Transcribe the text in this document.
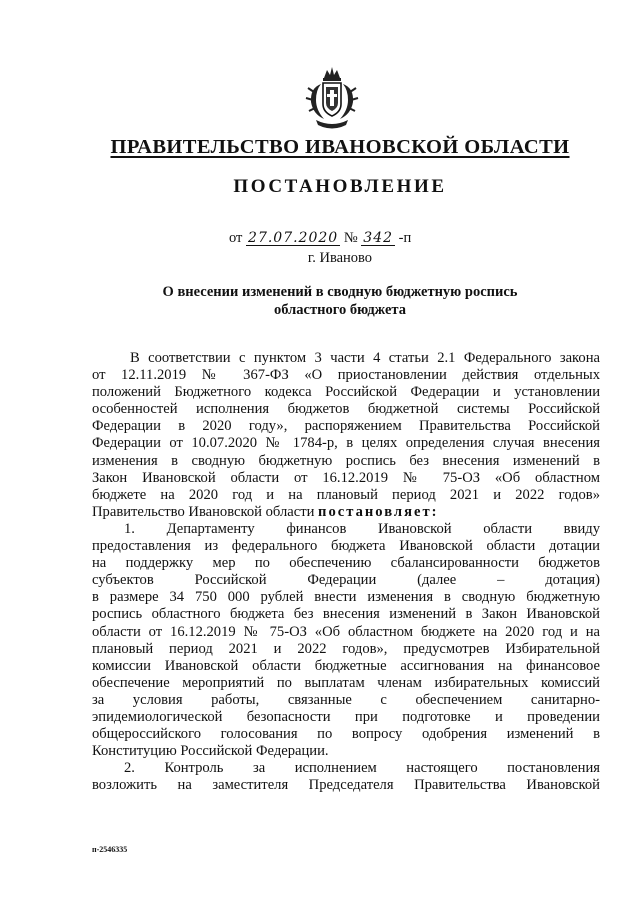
ПРАВИТЕЛЬСТВО ИВАНОВСКОЙ ОБЛАСТИ
ПОСТАНОВЛЕНИЕ
от 27.07.2020 № 342 -п
г. Иваново
О внесении изменений в сводную бюджетную роспись
областного бюджета
В соответствии с пунктом 3 части 4 статьи 2.1 Федерального закона
от 12.11.2019 № 367-ФЗ «О приостановлении действия отдельных
положений Бюджетного кодекса Российской Федерации и установлении
особенностей исполнения бюджетов бюджетной системы Российской
Федерации в 2020 году», распоряжением Правительства Российской
Федерации от 10.07.2020 № 1784-р, в целях определения случая внесения
изменения в сводную бюджетную роспись без внесения изменений в
Закон Ивановской области от 16.12.2019 № 75-ОЗ «Об областном
бюджете на 2020 год и на плановый период 2021 и 2022 годов»
Правительство Ивановской области постановляет:
1. Департаменту финансов Ивановской области ввиду
предоставления из федерального бюджета Ивановской области дотации
на поддержку мер по обеспечению сбалансированности бюджетов
субъектов Российской Федерации (далее – дотация)
в размере 34 750 000 рублей внести изменения в сводную бюджетную
роспись областного бюджета без внесения изменений в Закон Ивановской
области от 16.12.2019 № 75-ОЗ «Об областном бюджете на 2020 год и на
плановый период 2021 и 2022 годов», предусмотрев Избирательной
комиссии Ивановской области бюджетные ассигнования на финансовое
обеспечение мероприятий по выплатам членам избирательных комиссий
за условия работы, связанные с обеспечением санитарно-
эпидемиологической безопасности при подготовке и проведении
общероссийского голосования по вопросу одобрения изменений в
Конституцию Российской Федерации.
2. Контроль за исполнением настоящего постановления
возложить на заместителя Председателя Правительства Ивановской
п-2546335
